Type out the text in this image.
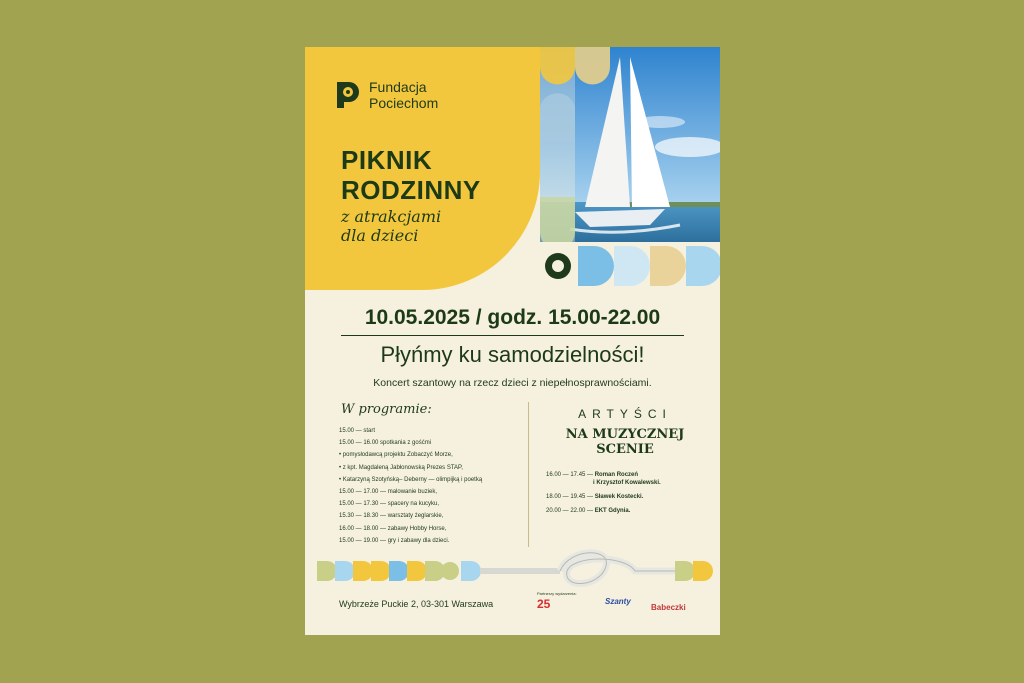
Fundacja
Pociechom
PIKNIK
RODZINNY
z atrakcjami
dla dzieci
10.05.2025 / godz. 15.00-22.00
Płyńmy ku samodzielności!
Koncert szantowy na rzecz dzieci z niepełnosprawnościami.
W programie:
15.00 — start
15.00 — 16.00 spotkania z gośćmi
• pomysłodawcą projektu Zobaczyć Morze,
• z kpt. Magdaleną Jabłonowską Prezes STAP,
• Katarzyną Szotyńską– Deberny — olimpijką i poetką
15.00 — 17.00 — malowanie buziek,
15.00 — 17.30 — spacery na kucyku,
15.30 — 18.30 — warsztaty żeglarskie,
16.00 — 18.00 — zabawy Hobby Horse,
15.00 — 19.00 — gry i zabawy dla dzieci.
ARTYŚCI
NA MUZYCZNEJ
SCENIE
16.00 — 17.45 — Roman Roczeń
i Krzysztof Kowalewski.
18.00 — 19.45 — Sławek Kostecki.
20.00 — 22.00 — EKT Gdynia.
Wybrzeże Puckie 2, 03-301 Warszawa
Partnerzy wydarzenia:
25	Szanty
Babeczki
